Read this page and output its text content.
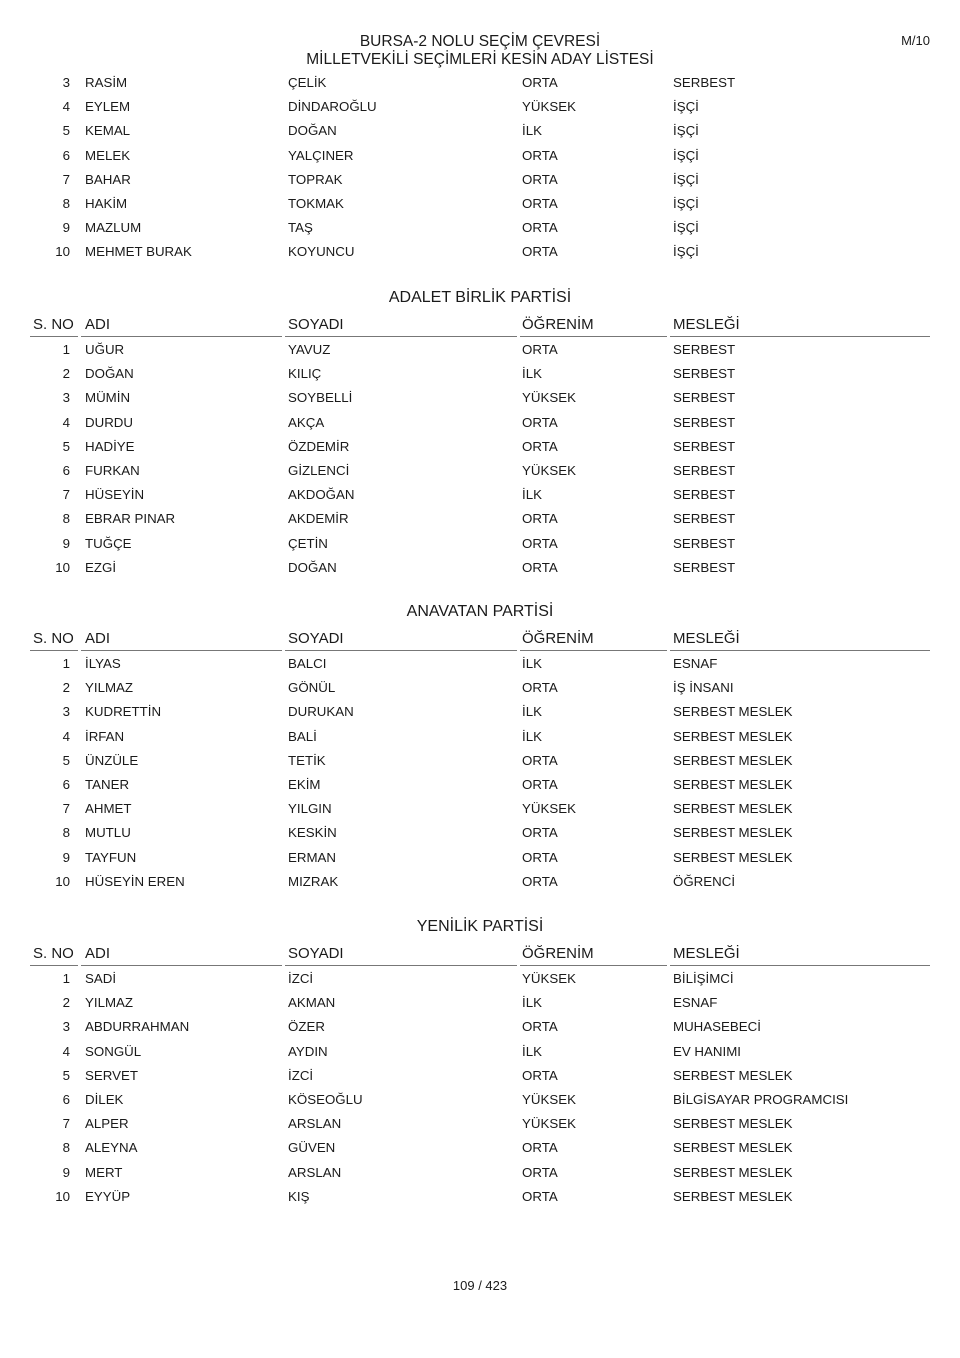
BURSA-2 NOLU SEÇİM ÇEVRESİ
MİLLETVEKİLİ SEÇİMLERİ KESİN ADAY LİSTESİ
M/10
3 RASİM	ÇELİK	ORTA	SERBEST
4 EYLEM	DİNDAROĞLU	YÜKSEK	İŞÇİ
5 KEMAL	DOĞAN	İLK	İŞÇİ
6 MELEK	YALÇINER	ORTA	İŞÇİ
7 BAHAR	TOPRAK	ORTA	İŞÇİ
8 HAKİM	TOKMAK	ORTA	İŞÇİ
9 MAZLUM	TAŞ	ORTA	İŞÇİ
10 MEHMET BURAK	KOYUNCU	ORTA	İŞÇİ
ADALET BİRLİK PARTİSİ
S. NO ADI	SOYADI	ÖĞRENİM	MESLEĞİ
1 UĞUR	YAVUZ	ORTA	SERBEST
2 DOĞAN	KILIÇ	İLK	SERBEST
3 MÜMİN	SOYBELLİ	YÜKSEK	SERBEST
4 DURDU	AKÇA	ORTA	SERBEST
5 HADİYE	ÖZDEMİR	ORTA	SERBEST
6 FURKAN	GİZLENCİ	YÜKSEK	SERBEST
7 HÜSEYİN	AKDOĞAN	İLK	SERBEST
8 EBRAR PINAR	AKDEMİR	ORTA	SERBEST
9 TUĞÇE	ÇETİN	ORTA	SERBEST
10 EZGİ	DOĞAN	ORTA	SERBEST
ANAVATAN PARTİSİ
S. NO ADI	SOYADI	ÖĞRENİM	MESLEĞİ
1 İLYAS	BALCI	İLK	ESNAF
2 YILMAZ	GÖNÜL	ORTA	İŞ İNSANI
3 KUDRETTİN	DURUKAN	İLK	SERBEST MESLEK
4 İRFAN	BALİ	İLK	SERBEST MESLEK
5 ÜNZÜLE	TETİK	ORTA	SERBEST MESLEK
6 TANER	EKİM	ORTA	SERBEST MESLEK
7 AHMET	YILGIN	YÜKSEK	SERBEST MESLEK
8 MUTLU	KESKİN	ORTA	SERBEST MESLEK
9 TAYFUN	ERMAN	ORTA	SERBEST MESLEK
10 HÜSEYİN EREN	MIZRAK	ORTA	ÖĞRENCİ
YENİLİK PARTİSİ
S. NO ADI	SOYADI	ÖĞRENİM	MESLEĞİ
1 SADİ	İZCİ	YÜKSEK	BİLİŞİMCİ
2 YILMAZ	AKMAN	İLK	ESNAF
3 ABDURRAHMAN	ÖZER	ORTA	MUHASEBECİ
4 SONGÜL	AYDIN	İLK	EV HANIMI
5 SERVET	İZCİ	ORTA	SERBEST MESLEK
6 DİLEK	KÖSEOĞLU	YÜKSEK	BİLGİSAYAR PROGRAMCISI
7 ALPER	ARSLAN	YÜKSEK	SERBEST MESLEK
8 ALEYNA	GÜVEN	ORTA	SERBEST MESLEK
9 MERT	ARSLAN	ORTA	SERBEST MESLEK
10 EYYÜP	KIŞ	ORTA	SERBEST MESLEK
109 / 423
